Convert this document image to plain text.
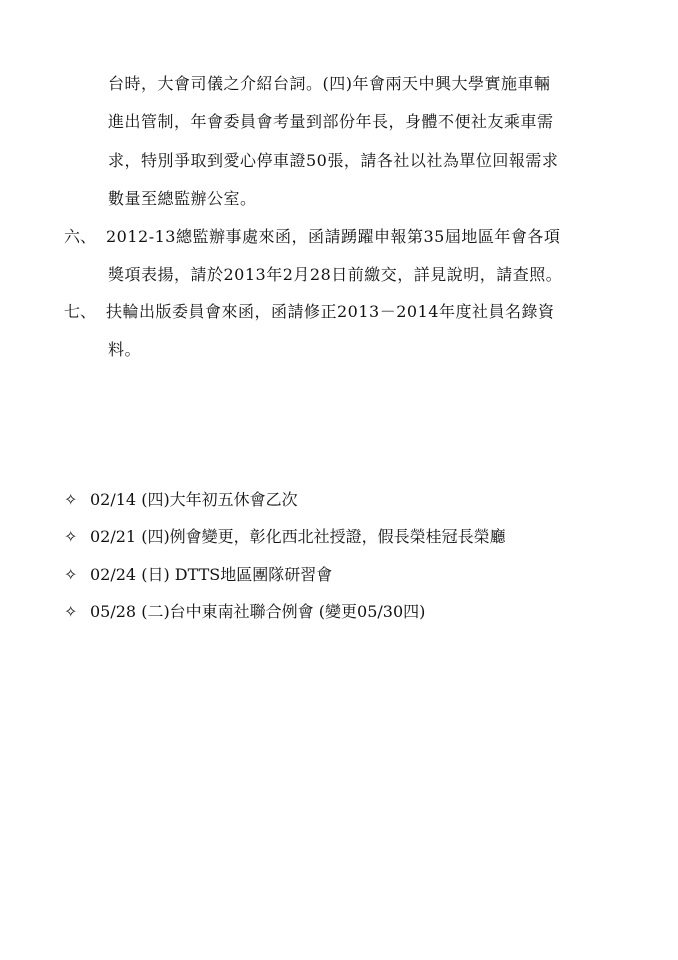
台時，大會司儀之介紹台詞。(四)年會兩天中興大學實施車輛
進出管制，年會委員會考量到部份年長，身體不便社友乘車需
求，特別爭取到愛心停車證50張，請各社以社為單位回報需求
數量至總監辦公室。
六、 2012-13總監辦事處來函，函請踴躍申報第35屆地區年會各項
獎項表揚，請於2013年2月28日前繳交，詳見說明，請查照。
七、 扶輪出版委員會來函，函請修正2013－2014年度社員名錄資
料。
✧ 02/14 (四)大年初五休會乙次
✧ 02/21 (四)例會變更，彰化西北社授證，假長榮桂冠長榮廳
✧ 02/24 (日) DTTS地區團隊研習會
✧ 05/28 (二)台中東南社聯合例會 (變更05/30四)
